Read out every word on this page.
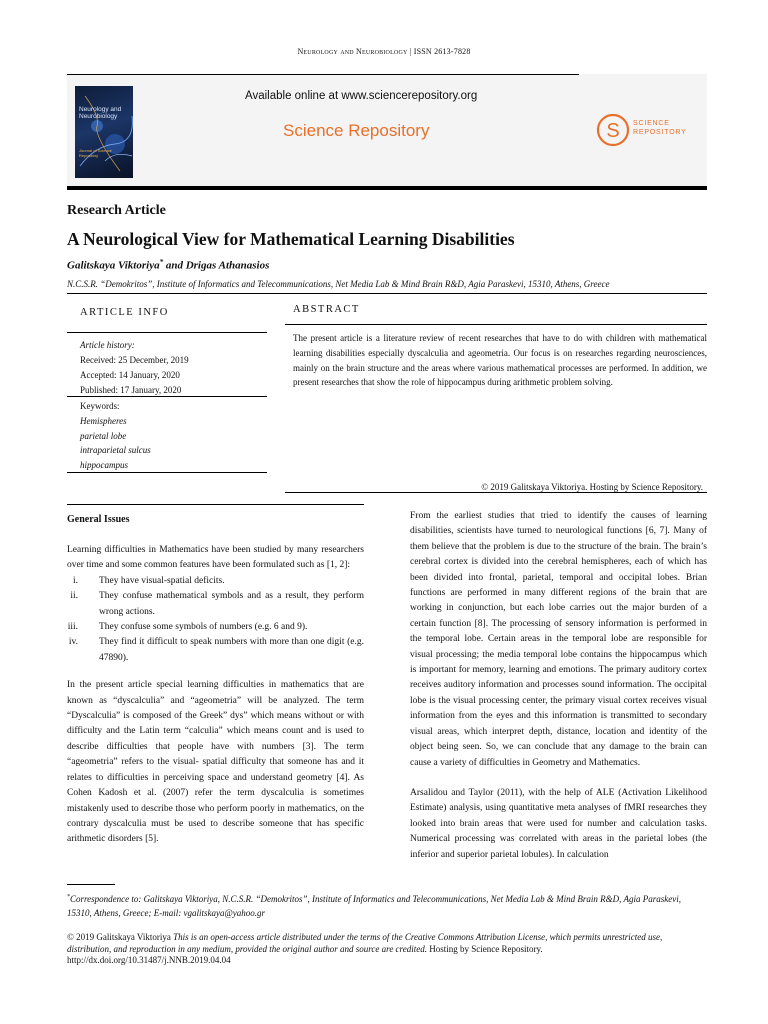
Neurology and Neurobiology | ISSN 2613-7828
Neurology and Neurobiology
Journal of Science Repository
Available online at www.sciencerepository.org
Science Repository	S SCIENCE
REPOSITORY
Research Article
A Neurological View for Mathematical Learning Disabilities
Galitskaya Viktoriya* and Drigas Athanasios
N.C.S.R. “Demokritos”, Institute of Informatics and Telecommunications, Net Media Lab & Mind Brain R&D, Agia Paraskevi, 15310, Athens, Greece
ARTICLE INFO
Article history:
Received: 25 December, 2019
Accepted: 14 January, 2020
Published: 17 January, 2020
Keywords:
Hemispheres
parietal lobe
intraparietal sulcus
hippocampus
ABSTRACT
The present article is a literature review of recent researches that have to do with children with mathematical learning disabilities especially dyscalculia and ageometria. Our focus is on researches regarding neurosciences, mainly on the brain structure and the areas where various mathematical processes are performed. In addition, we present researches that show the role of hippocampus during arithmetic problem solving.
© 2019 Galitskaya Viktoriya. Hosting by Science Repository.
General Issues

Learning difficulties in Mathematics have been studied by many researchers over time and some common features have been formulated such as [1, 2]:

i. They have visual-spatial deficits.
ii. They confuse mathematical symbols and as a result, they perform wrong actions.
iii. They confuse some symbols of numbers (e.g. 6 and 9).
iv. They find it difficult to speak numbers with more than one digit (e.g. 47890).

In the present article special learning difficulties in mathematics that are known as “dyscalculia” and “ageometria” will be analyzed. The term “Dyscalculia” is composed of the Greek” dys” which means without or with difficulty and the Latin term “calculia” which means count and is used to describe difficulties that people have with numbers [3]. The term “ageometria” refers to the visual- spatial difficulty that someone has and it relates to difficulties in perceiving space and understand geometry [4]. As Cohen Kadosh et al. (2007) refer the term dyscalculia is sometimes mistakenly used to describe those who perform poorly in mathematics, on the contrary dyscalculia must be used to describe someone that has specific arithmetic disorders [5].

From the earliest studies that tried to identify the causes of learning disabilities, scientists have turned to neurological functions [6, 7]. Many of them believe that the problem is due to the structure of the brain. The brain’s cerebral cortex is divided into the cerebral hemispheres, each of which has been divided into frontal, parietal, temporal and occipital lobes. Brian functions are performed in many different regions of the brain that are working in conjunction, but each lobe carries out the major burden of a certain function [8]. The processing of sensory information is performed in the temporal lobe. Certain areas in the temporal lobe are responsible for visual processing; the media temporal lobe contains the hippocampus which is important for memory, learning and emotions. The primary auditory cortex receives auditory information and processes sound information. The occipital lobe is the visual processing center, the primary visual cortex receives visual information from the eyes and this information is transmitted to secondary visual areas, which interpret depth, distance, location and identity of the object being seen. So, we can conclude that any damage to the brain can cause a variety of difficulties in Geometry and Mathematics.

Arsalidou and Taylor (2011), with the help of ALE (Activation Likelihood Estimate) analysis, using quantitative meta analyses of fMRI researches they looked into brain areas that were used for number and calculation tasks. Numerical processing was correlated with areas in the parietal lobes (the inferior and superior parietal lobules). In calculation

*Correspondence to: Galitskaya Viktoriya, N.C.S.R. “Demokritos”, Institute of Informatics and Telecommunications, Net Media Lab & Mind Brain R&D, Agia Paraskevi, 15310, Athens, Greece; E-mail: vgalitskaya@yahoo.gr
© 2019 Galitskaya Viktoriya This is an open-access article distributed under the terms of the Creative Commons Attribution License, which permits unrestricted use, distribution, and reproduction in any medium, provided the original author and source are credited. Hosting by Science Repository.
http://dx.doi.org/10.31487/j.NNB.2019.04.04
